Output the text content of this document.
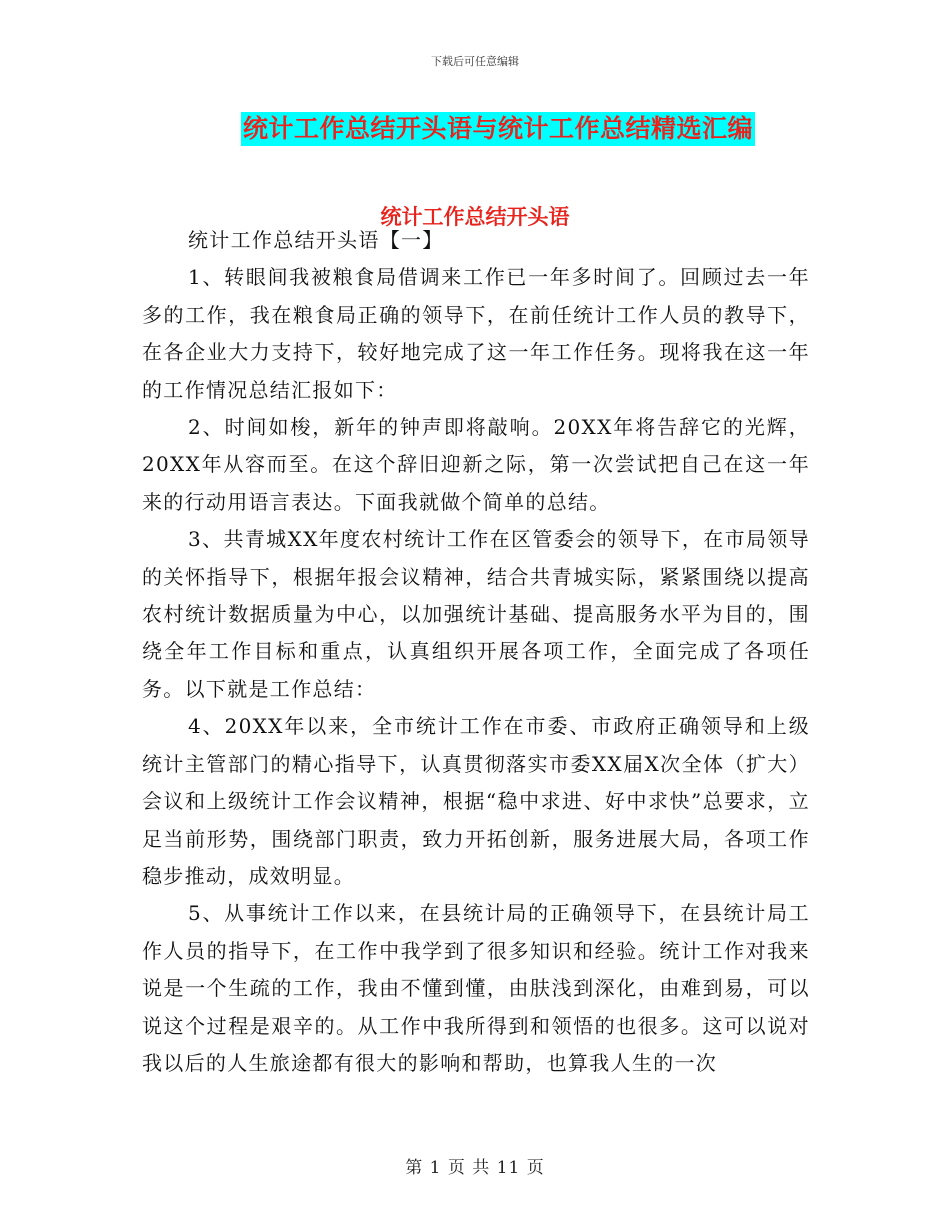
下载后可任意编辑
统计工作总结开头语与统计工作总结精选汇编
统计工作总结开头语

统计工作总结开头语【一】

1、转眼间我被粮食局借调来工作已一年多时间了。回顾过去一年多的工作，我在粮食局正确的领导下，在前任统计工作人员的教导下，在各企业大力支持下，较好地完成了这一年工作任务。现将我在这一年的工作情况总结汇报如下：

2、时间如梭，新年的钟声即将敲响。20XX年将告辞它的光辉，20XX年从容而至。在这个辞旧迎新之际，第一次尝试把自己在这一年来的行动用语言表达。下面我就做个简单的总结。

3、共青城XX年度农村统计工作在区管委会的领导下，在市局领导的关怀指导下，根据年报会议精神，结合共青城实际，紧紧围绕以提高农村统计数据质量为中心，以加强统计基础、提高服务水平为目的，围绕全年工作目标和重点，认真组织开展各项工作，全面完成了各项任务。以下就是工作总结：

4、20XX年以来，全市统计工作在市委、市政府正确领导和上级统计主管部门的精心指导下，认真贯彻落实市委XX届X次全体（扩大）会议和上级统计工作会议精神，根据“稳中求进、好中求快”总要求，立足当前形势，围绕部门职责，致力开拓创新，服务进展大局，各项工作稳步推动，成效明显。

5、从事统计工作以来，在县统计局的正确领导下，在县统计局工作人员的指导下，在工作中我学到了很多知识和经验。统计工作对我来说是一个生疏的工作，我由不懂到懂，由肤浅到深化，由难到易，可以说这个过程是艰辛的。从工作中我所得到和领悟的也很多。这可以说对我以后的人生旅途都有很大的影响和帮助，也算我人生的一次

第 1 页 共 11 页
